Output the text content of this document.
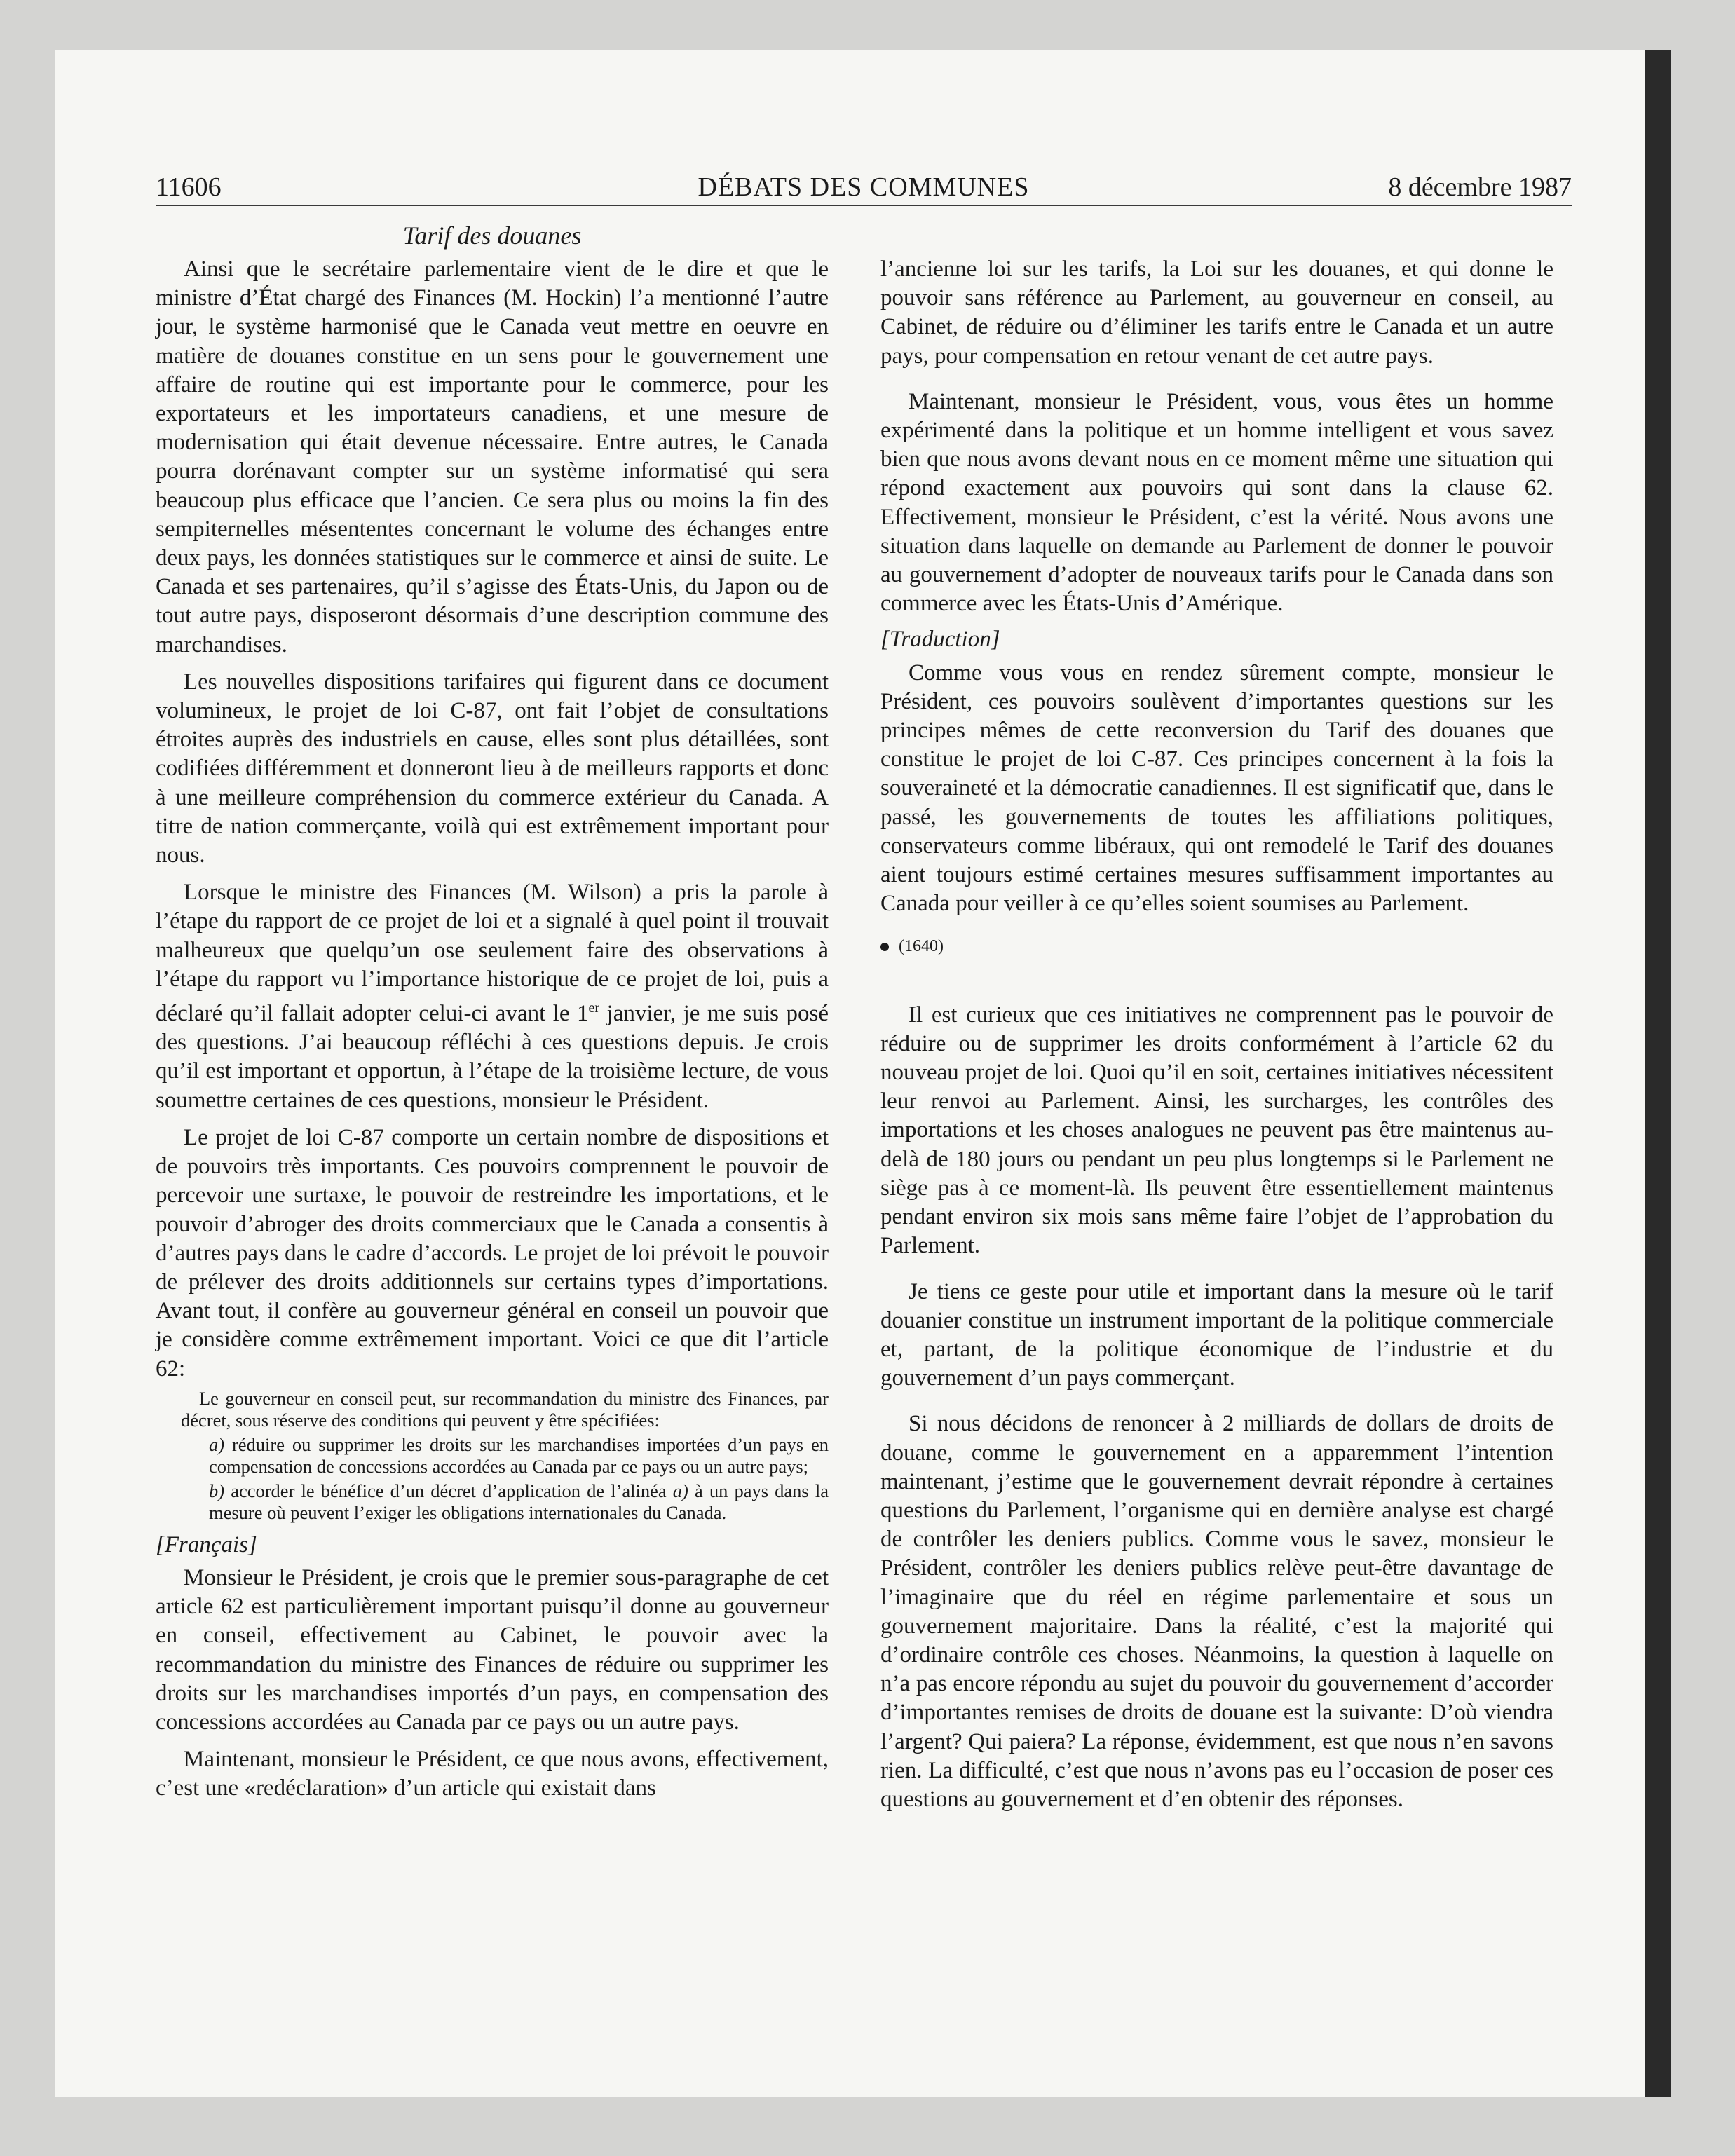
11606	DÉBATS DES COMMUNES	8 décembre 1987
Tarif des douanes

Ainsi que le secrétaire parlementaire vient de le dire et que le ministre d’État chargé des Finances (M. Hockin) l’a mentionné l’autre jour, le système harmonisé que le Canada veut mettre en oeuvre en matière de douanes constitue en un sens pour le gouvernement une affaire de routine qui est importante pour le commerce, pour les exportateurs et les importateurs canadiens, et une mesure de modernisation qui était devenue nécessaire. Entre autres, le Canada pourra dorénavant compter sur un système informatisé qui sera beaucoup plus efficace que l’ancien. Ce sera plus ou moins la fin des sempiternelles mésententes concernant le volume des échanges entre deux pays, les données statistiques sur le commerce et ainsi de suite. Le Canada et ses partenaires, qu’il s’agisse des États-Unis, du Japon ou de tout autre pays, disposeront désormais d’une description commune des marchandises.

Les nouvelles dispositions tarifaires qui figurent dans ce document volumineux, le projet de loi C-87, ont fait l’objet de consultations étroites auprès des industriels en cause, elles sont plus détaillées, sont codifiées différemment et donneront lieu à de meilleurs rapports et donc à une meilleure compréhension du commerce extérieur du Canada. A titre de nation commerçante, voilà qui est extrêmement important pour nous.

Lorsque le ministre des Finances (M. Wilson) a pris la parole à l’étape du rapport de ce projet de loi et a signalé à quel point il trouvait malheureux que quelqu’un ose seulement faire des observations à l’étape du rapport vu l’importance historique de ce projet de loi, puis a déclaré qu’il fallait adopter celui-ci avant le 1er janvier, je me suis posé des questions. J’ai beaucoup réfléchi à ces questions depuis. Je crois qu’il est important et opportun, à l’étape de la troisième lecture, de vous soumettre certaines de ces questions, monsieur le Président.

Le projet de loi C-87 comporte un certain nombre de dispositions et de pouvoirs très importants. Ces pouvoirs comprennent le pouvoir de percevoir une surtaxe, le pouvoir de restreindre les importations, et le pouvoir d’abroger des droits commerciaux que le Canada a consentis à d’autres pays dans le cadre d’accords. Le projet de loi prévoit le pouvoir de prélever des droits additionnels sur certains types d’importations. Avant tout, il confère au gouverneur général en conseil un pouvoir que je considère comme extrêmement important. Voici ce que dit l’article 62:

Le gouverneur en conseil peut, sur recommandation du ministre des Finances, par décret, sous réserve des conditions qui peuvent y être spécifiées:

a) réduire ou supprimer les droits sur les marchandises importées d’un pays en compensation de concessions accordées au Canada par ce pays ou un autre pays;

b) accorder le bénéfice d’un décret d’application de l’alinéa a) à un pays dans la mesure où peuvent l’exiger les obligations internationales du Canada.

[Français]

Monsieur le Président, je crois que le premier sous-paragraphe de cet article 62 est particulièrement important puisqu’il donne au gouverneur en conseil, effectivement au Cabinet, le pouvoir avec la recommandation du ministre des Finances de réduire ou supprimer les droits sur les marchandises importés d’un pays, en compensation des concessions accordées au Canada par ce pays ou un autre pays.

Maintenant, monsieur le Président, ce que nous avons, effectivement, c’est une «redéclaration» d’un article qui existait dans

l’ancienne loi sur les tarifs, la Loi sur les douanes, et qui donne le pouvoir sans référence au Parlement, au gouverneur en conseil, au Cabinet, de réduire ou d’éliminer les tarifs entre le Canada et un autre pays, pour compensation en retour venant de cet autre pays.

Maintenant, monsieur le Président, vous, vous êtes un homme expérimenté dans la politique et un homme intelligent et vous savez bien que nous avons devant nous en ce moment même une situation qui répond exactement aux pouvoirs qui sont dans la clause 62. Effectivement, monsieur le Président, c’est la vérité. Nous avons une situation dans laquelle on demande au Parlement de donner le pouvoir au gouvernement d’adopter de nouveaux tarifs pour le Canada dans son commerce avec les États-Unis d’Amérique.

[Traduction]

Comme vous vous en rendez sûrement compte, monsieur le Président, ces pouvoirs soulèvent d’importantes questions sur les principes mêmes de cette reconversion du Tarif des douanes que constitue le projet de loi C-87. Ces principes concernent à la fois la souveraineté et la démocratie canadiennes. Il est significatif que, dans le passé, les gouvernements de toutes les affiliations politiques, conservateurs comme libéraux, qui ont remodelé le Tarif des douanes aient toujours estimé certaines mesures suffisamment importantes au Canada pour veiller à ce qu’elles soient soumises au Parlement.

(1640)

Il est curieux que ces initiatives ne comprennent pas le pouvoir de réduire ou de supprimer les droits conformément à l’article 62 du nouveau projet de loi. Quoi qu’il en soit, certaines initiatives nécessitent leur renvoi au Parlement. Ainsi, les surcharges, les contrôles des importations et les choses analogues ne peuvent pas être maintenus au-delà de 180 jours ou pendant un peu plus longtemps si le Parlement ne siège pas à ce moment-là. Ils peuvent être essentiellement maintenus pendant environ six mois sans même faire l’objet de l’approbation du Parlement.

Je tiens ce geste pour utile et important dans la mesure où le tarif douanier constitue un instrument important de la politique commerciale et, partant, de la politique économique de l’industrie et du gouvernement d’un pays commerçant.

Si nous décidons de renoncer à 2 milliards de dollars de droits de douane, comme le gouvernement en a apparemment l’intention maintenant, j’estime que le gouvernement devrait répondre à certaines questions du Parlement, l’organisme qui en dernière analyse est chargé de contrôler les deniers publics. Comme vous le savez, monsieur le Président, contrôler les deniers publics relève peut-être davantage de l’imaginaire que du réel en régime parlementaire et sous un gouvernement majoritaire. Dans la réalité, c’est la majorité qui d’ordinaire contrôle ces choses. Néanmoins, la question à laquelle on n’a pas encore répondu au sujet du pouvoir du gouvernement d’accorder d’importantes remises de droits de douane est la suivante: D’où viendra l’argent? Qui paiera? La réponse, évidemment, est que nous n’en savons rien. La difficulté, c’est que nous n’avons pas eu l’occasion de poser ces questions au gouvernement et d’en obtenir des réponses.
